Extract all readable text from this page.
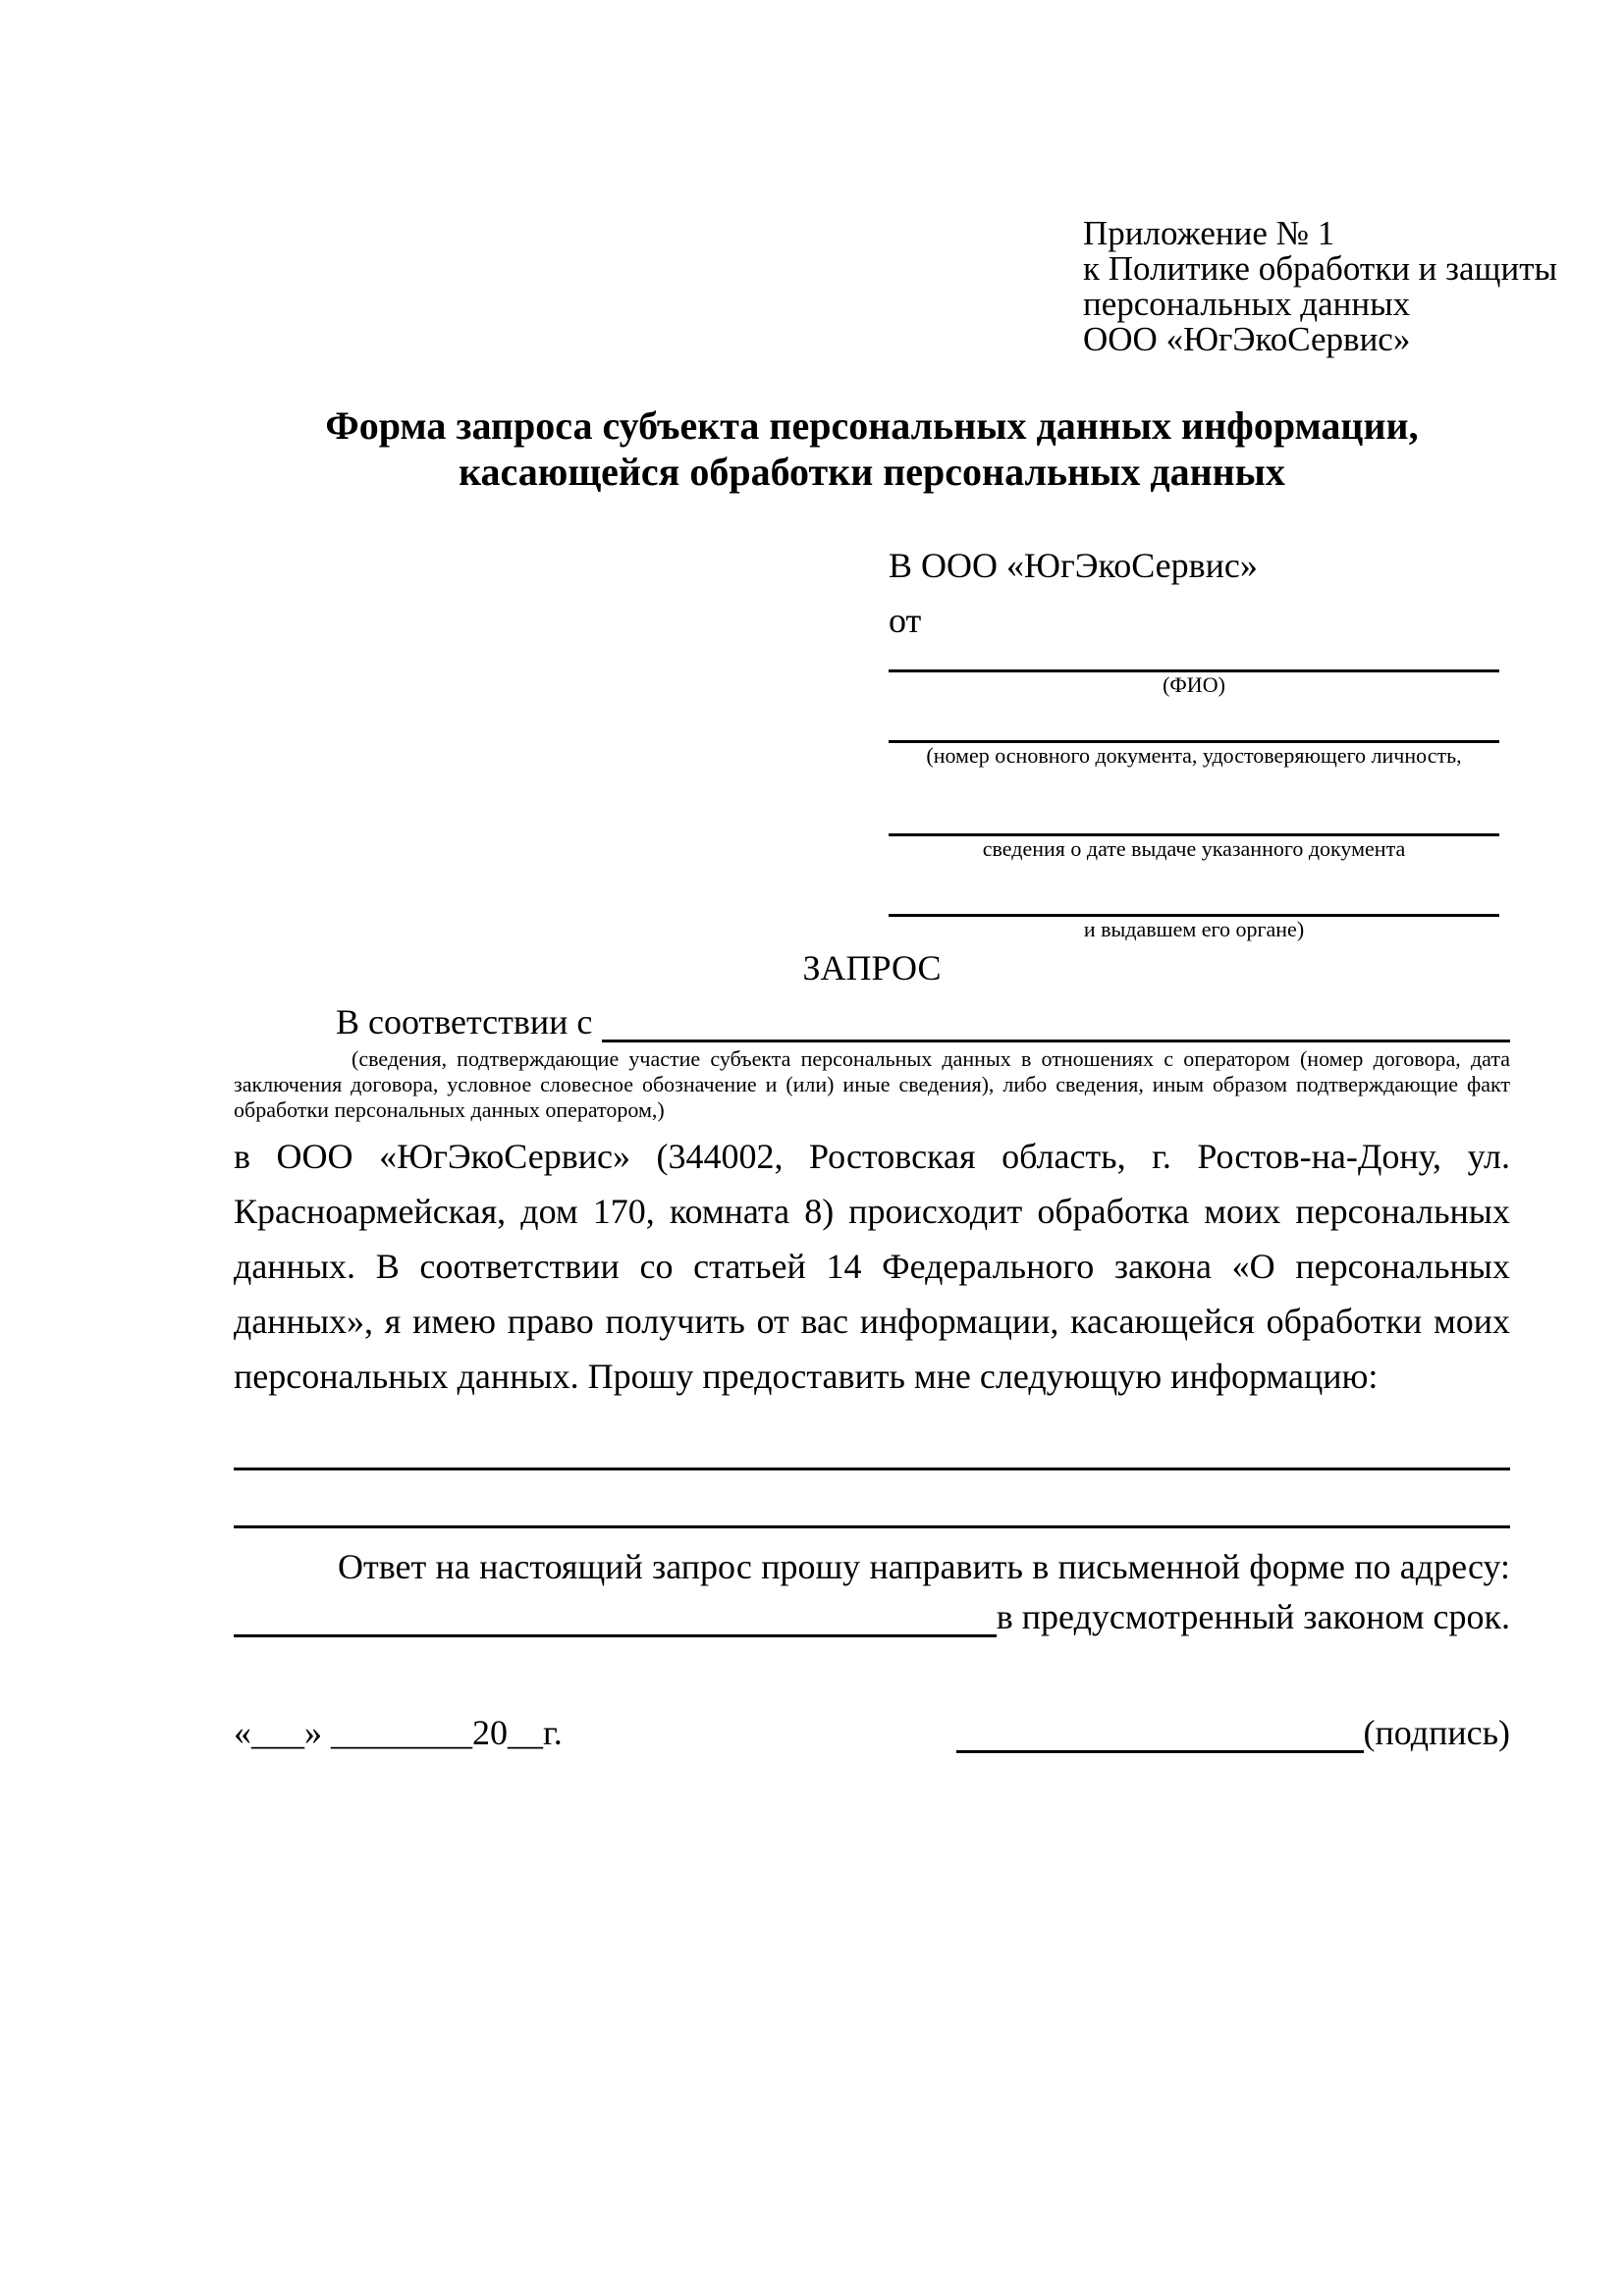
Приложение № 1
к Политике обработки и защиты
персональных данных
ООО «ЮгЭкоСервис»
Форма запроса субъекта персональных данных информации,
касающейся обработки персональных данных
В ООО «ЮгЭкоСервис»
от
(ФИО)
(номер основного документа, удостоверяющего личность,
сведения о дате выдаче указанного документа
и выдавшем его органе)
ЗАПРОС
В соответствии с
(сведения, подтверждающие участие субъекта персональных данных в отношениях с оператором (номер договора, дата заключения договора, условное словесное обозначение и (или) иные сведения), либо сведения, иным образом подтверждающие факт обработки персональных данных оператором,)
в ООО «ЮгЭкоСервис» (344002, Ростовская область, г. Ростов-на-Дону, ул. Красноармейская, дом 170, комната 8) происходит обработка моих персональных данных. В соответствии со статьей 14 Федерального закона «О персональных данных», я имею право получить от вас информации, касающейся обработки моих персональных данных. Прошу предоставить мне следующую информацию:
Ответ на настоящий запрос прошу направить в письменной форме по адресу:
в предусмотренный законом срок.
«___» ________20__г.	(подпись)
